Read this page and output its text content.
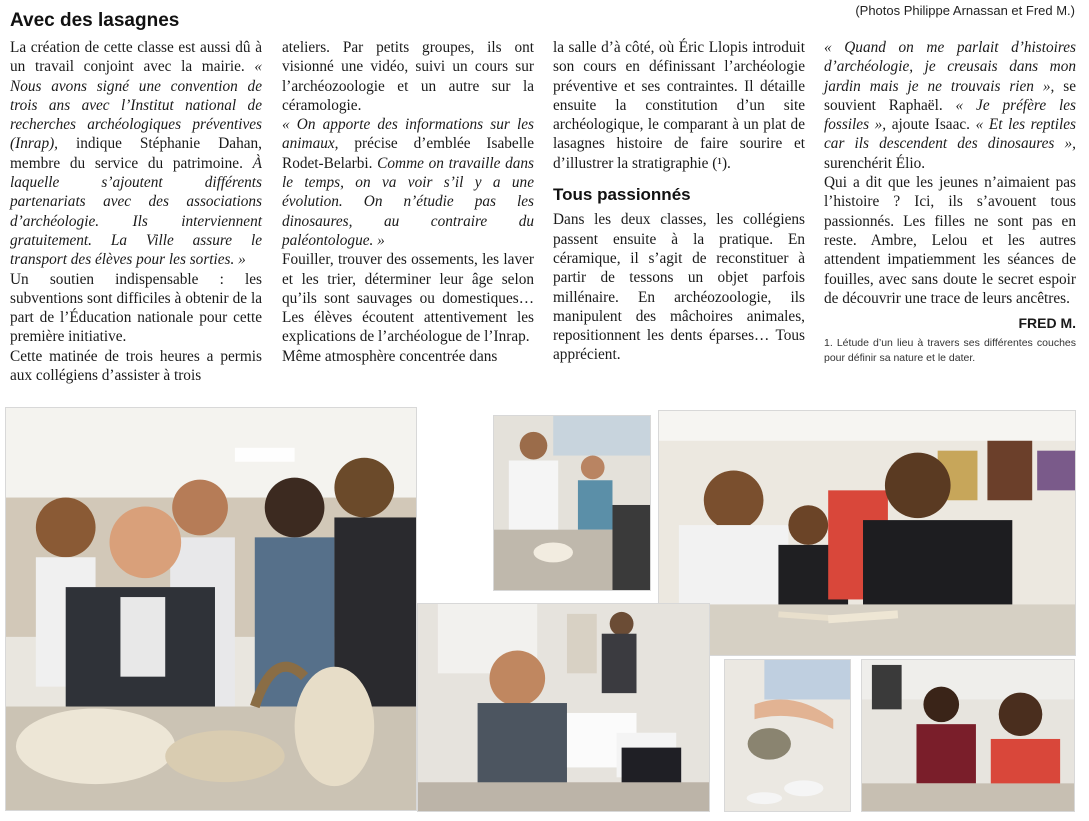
(Photos Philippe Arnassan et Fred M.)
Avec des lasagnes

La création de cette classe est aussi dû à un travail conjoint avec la mairie. « Nous avons signé une convention de trois ans avec l’Institut national de recherches archéologiques préventives (Inrap), indique Stéphanie Dahan, membre du service du patrimoine. À laquelle s’ajoutent différents partenariats avec des associations d’archéologie. Ils interviennent gratuitement. La Ville assure le transport des élèves pour les sorties. »

Un soutien indispensable : les subventions sont difficiles à obtenir de la part de l’Éducation nationale pour cette première initiative.

Cette matinée de trois heures a permis aux collégiens d’assister à trois

ateliers. Par petits groupes, ils ont visionné une vidéo, suivi un cours sur l’archéozoologie et un autre sur la céramologie.

« On apporte des informations sur les animaux, précise d’emblée Isabelle Rodet-Belarbi. Comme on travaille dans le temps, on va voir s’il y a une évolution. On n’étudie pas les dinosaures, au contraire du paléontologue. »

Fouiller, trouver des ossements, les laver et les trier, déterminer leur âge selon qu’ils sont sauvages ou domestiques… Les élèves écoutent attentivement les explications de l’archéologue de l’Inrap.

Même atmosphère concentrée dans

la salle d’à côté, où Éric Llopis introduit son cours en définissant l’archéologie préventive et ses contraintes. Il détaille ensuite la constitution d’un site archéologique, le comparant à un plat de lasagnes histoire de faire sourire et d’illustrer la stratigraphie (¹).

Tous passionnés

Dans les deux classes, les collégiens passent ensuite à la pratique. En céramique, il s’agit de reconstituer à partir de tessons un objet parfois millénaire. En archéozoologie, ils manipulent des mâchoires animales, repositionnent les dents éparses… Tous apprécient.

« Quand on me parlait d’histoires d’archéologie, je creusais dans mon jardin mais je ne trouvais rien », se souvient Raphaël. « Je préfère les fossiles », ajoute Isaac. « Et les reptiles car ils descendent des dinosaures », surenchérit Élio.

Qui a dit que les jeunes n’aimaient pas l’histoire ? Ici, ils s’avouent tous passionnés. Les filles ne sont pas en reste. Ambre, Lelou et les autres attendent impatiemment les séances de fouilles, avec sans doute le secret espoir de découvrir une trace de leurs ancêtres.

FRED M.
1. Létude d’un lieu à travers ses différentes couches pour définir sa nature et le dater.
